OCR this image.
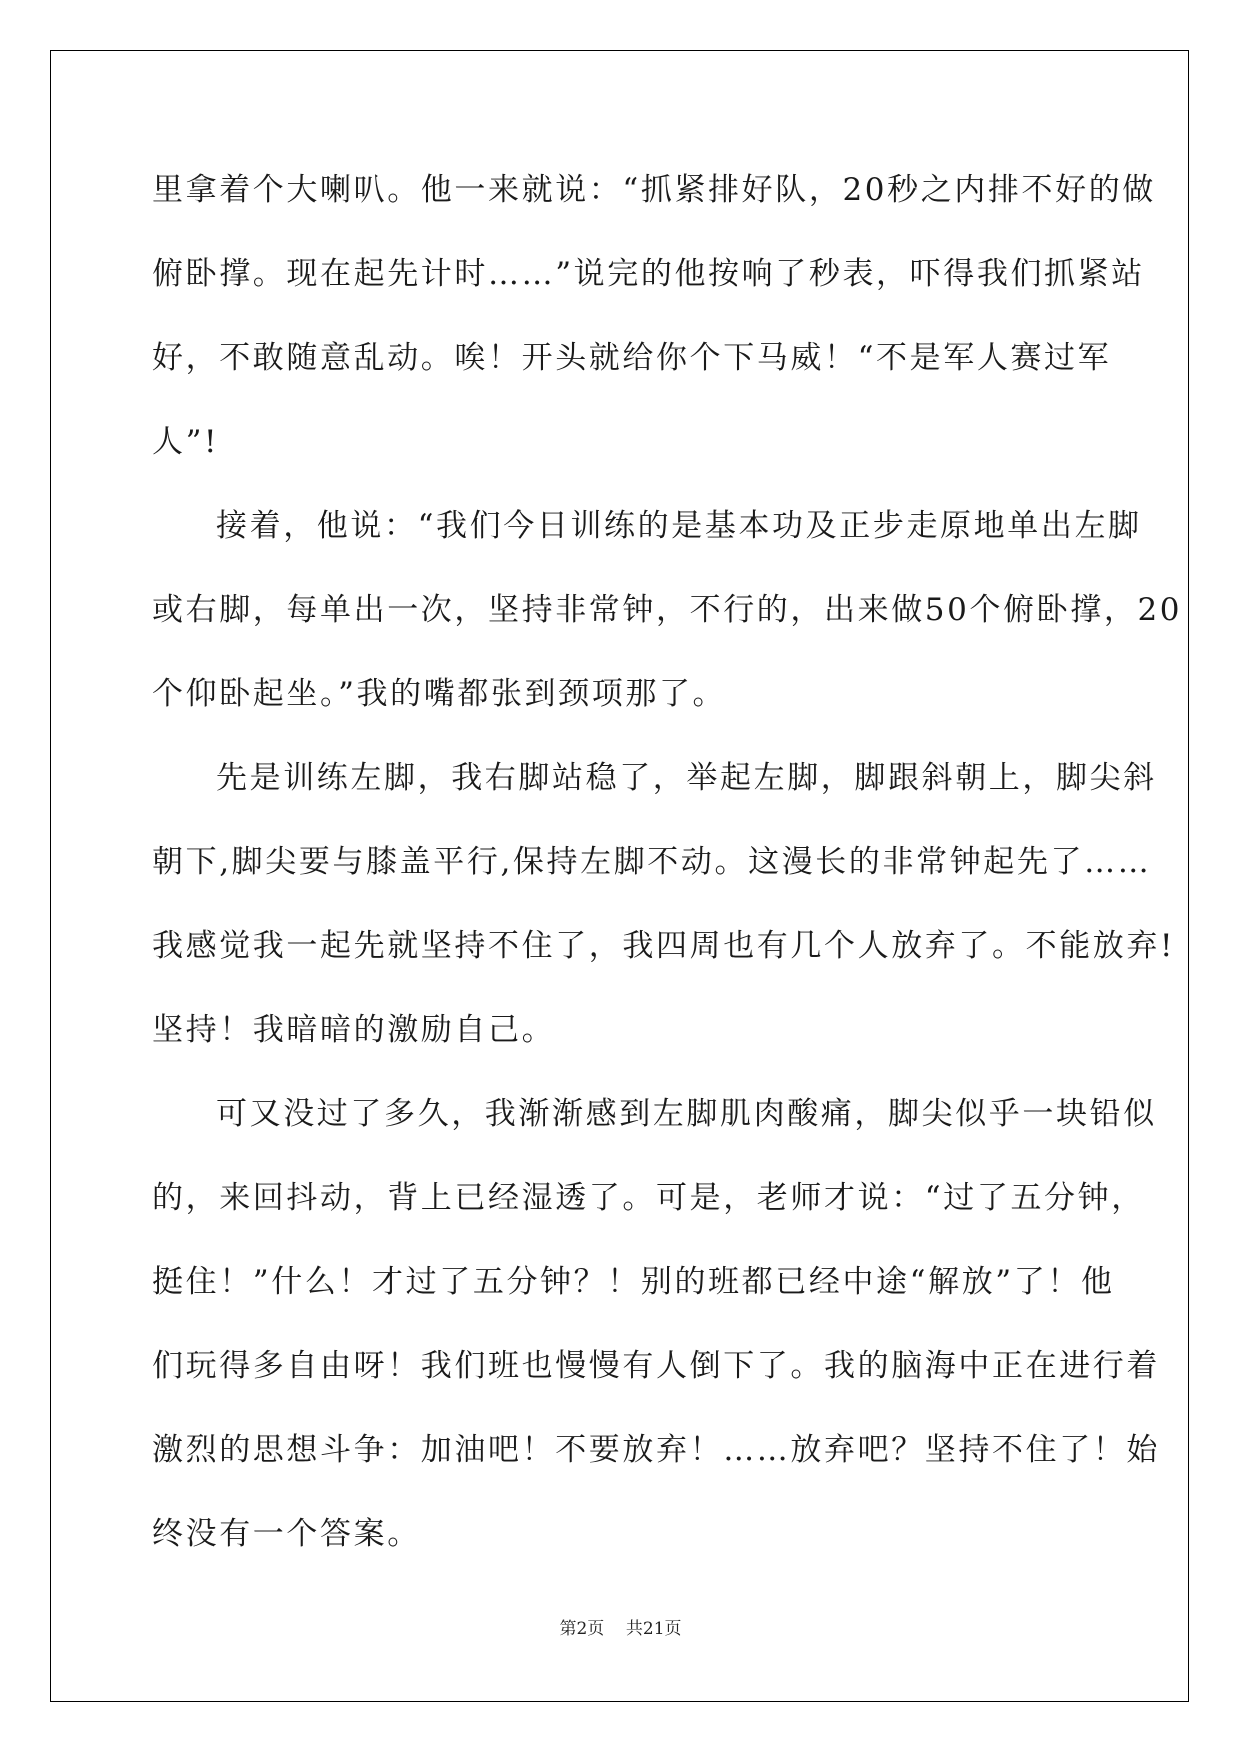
里拿着个大喇叭。他一来就说：“抓紧排好队，20秒之内排不好的做
俯卧撑。现在起先计时……”说完的他按响了秒表，吓得我们抓紧站
好，不敢随意乱动。唉！开头就给你个下马威！“不是军人赛过军
人”!
接着，他说：“我们今日训练的是基本功及正步走原地单出左脚
或右脚，每单出一次，坚持非常钟，不行的，出来做50个俯卧撑，20
个仰卧起坐。”我的嘴都张到颈项那了。
先是训练左脚，我右脚站稳了，举起左脚，脚跟斜朝上，脚尖斜
朝下,脚尖要与膝盖平行,保持左脚不动。这漫长的非常钟起先了……
我感觉我一起先就坚持不住了，我四周也有几个人放弃了。不能放弃!
坚持！我暗暗的激励自己。
可又没过了多久，我渐渐感到左脚肌肉酸痛，脚尖似乎一块铅似
的，来回抖动，背上已经湿透了。可是，老师才说：“过了五分钟，
挺住！”什么！才过了五分钟？！别的班都已经中途“解放”了！他
们玩得多自由呀！我们班也慢慢有人倒下了。我的脑海中正在进行着
激烈的思想斗争：加油吧！不要放弃！……放弃吧？坚持不住了！始
终没有一个答案。
第2页    共21页
